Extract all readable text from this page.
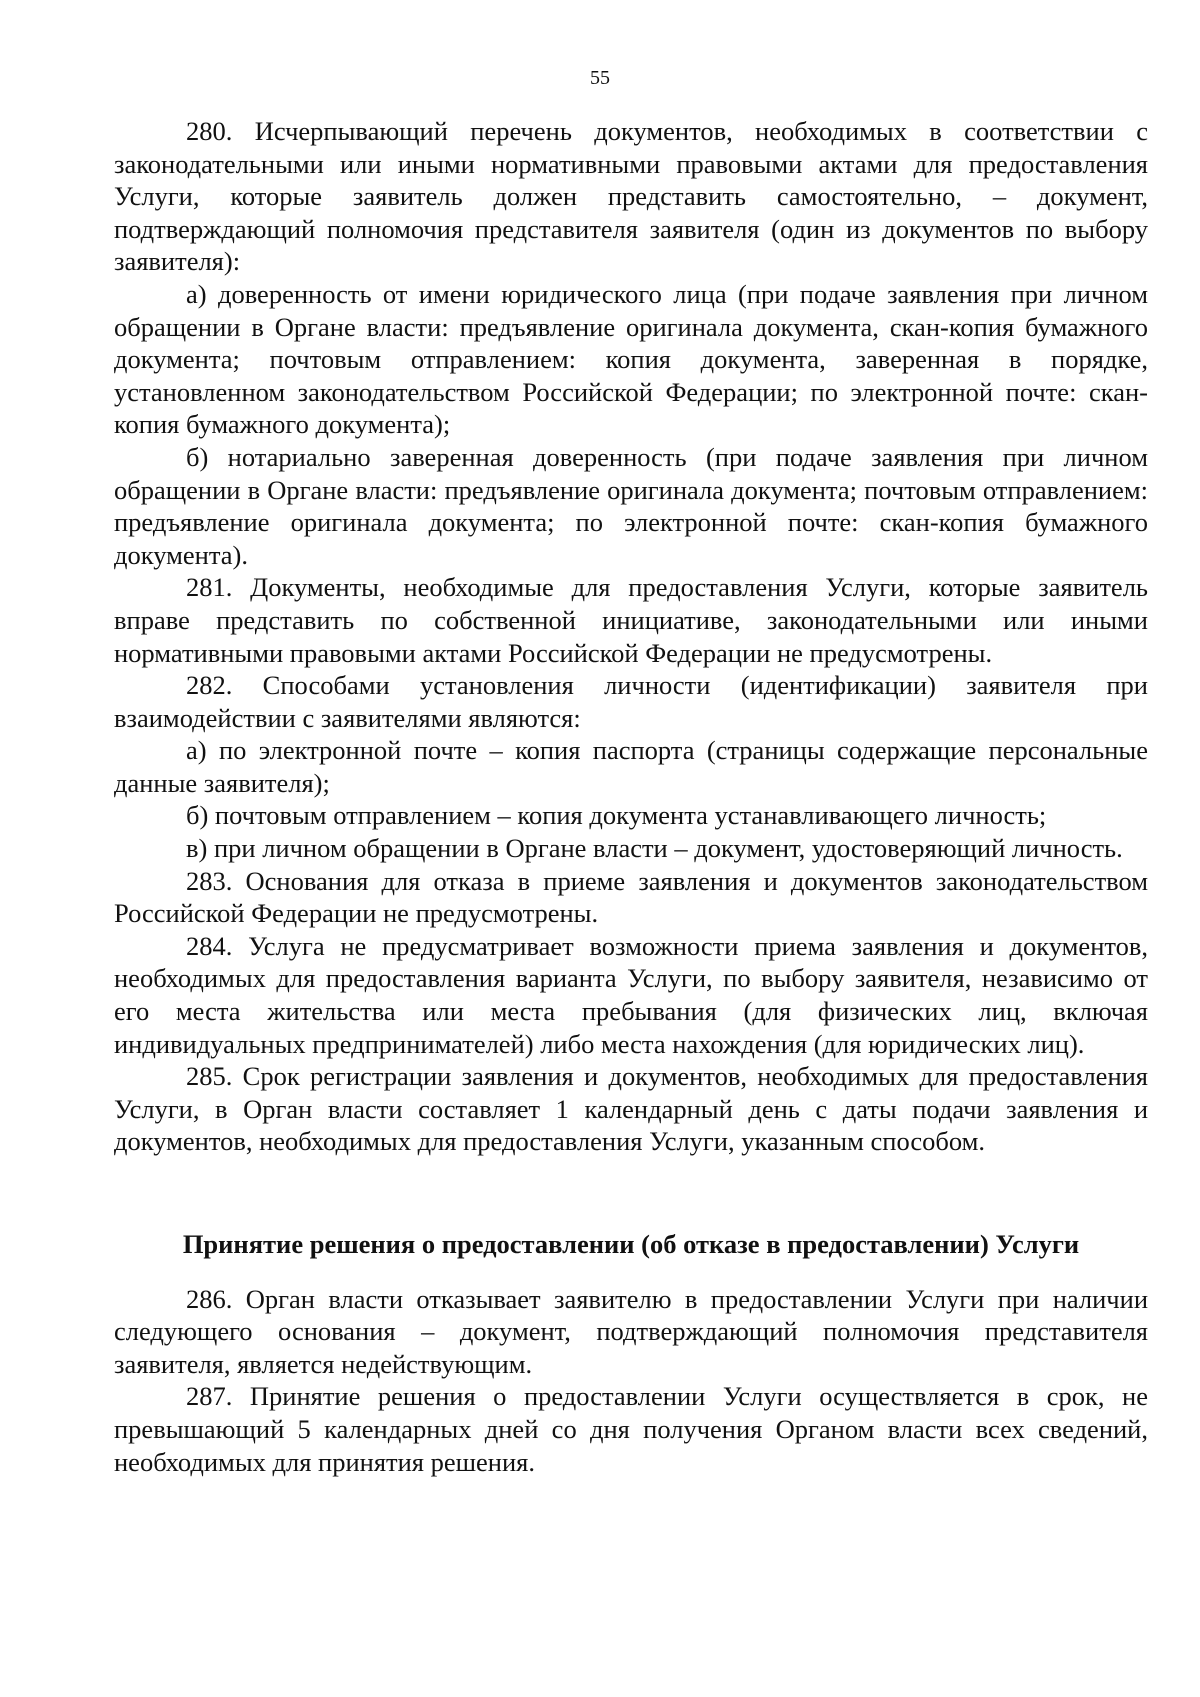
55

280. Исчерпывающий перечень документов, необходимых в соответствии с законодательными или иными нормативными правовыми актами для предоставления Услуги, которые заявитель должен представить самостоятельно, – документ, подтверждающий полномочия представителя заявителя (один из документов по выбору заявителя):

а) доверенность от имени юридического лица (при подаче заявления при личном обращении в Органе власти: предъявление оригинала документа, скан-копия бумажного документа; почтовым отправлением: копия документа, заверенная в порядке, установленном законодательством Российской Федерации; по электронной почте: скан-копия бумажного документа);

б) нотариально заверенная доверенность (при подаче заявления при личном обращении в Органе власти: предъявление оригинала документа; почтовым отправлением: предъявление оригинала документа; по электронной почте: скан-копия бумажного документа).

281. Документы, необходимые для предоставления Услуги, которые заявитель вправе представить по собственной инициативе, законодательными или иными нормативными правовыми актами Российской Федерации не предусмотрены.

282. Способами установления личности (идентификации) заявителя при взаимодействии с заявителями являются:

а) по электронной почте – копия паспорта (страницы содержащие персональные данные заявителя);

б) почтовым отправлением – копия документа устанавливающего личность;

в) при личном обращении в Органе власти – документ, удостоверяющий личность.

283. Основания для отказа в приеме заявления и документов законодательством Российской Федерации не предусмотрены.

284. Услуга не предусматривает возможности приема заявления и документов, необходимых для предоставления варианта Услуги, по выбору заявителя, независимо от его места жительства или места пребывания (для физических лиц, включая индивидуальных предпринимателей) либо места нахождения (для юридических лиц).

285. Срок регистрации заявления и документов, необходимых для предоставления Услуги, в Орган власти составляет 1 календарный день с даты подачи заявления и документов, необходимых для предоставления Услуги, указанным способом.

Принятие решения о предоставлении (об отказе в предоставлении) Услуги

286. Орган власти отказывает заявителю в предоставлении Услуги при наличии следующего основания – документ, подтверждающий полномочия представителя заявителя, является недействующим.

287. Принятие решения о предоставлении Услуги осуществляется в срок, не превышающий 5 календарных дней со дня получения Органом власти всех сведений, необходимых для принятия решения.
